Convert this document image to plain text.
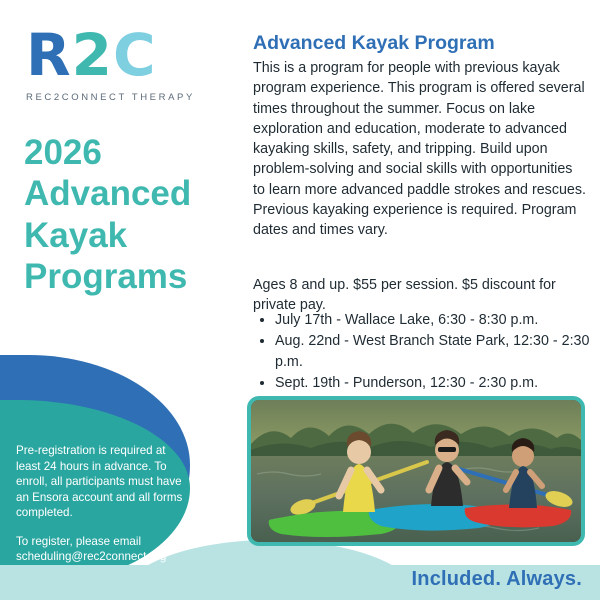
R2C
REC2CONNECT THERAPY
2026 Advanced Kayak Programs
Advanced Kayak Program
This is a program for people with previous kayak program experience. This program is offered several times throughout the summer. Focus on lake exploration and education, moderate to advanced kayaking skills, safety, and tripping. Build upon problem-solving and social skills with opportunities to learn more advanced paddle strokes and rescues. Previous kayaking experience is required. Program dates and times vary.
Ages 8 and up. $55 per session. $5 discount for private pay.
• July 17th - Wallace Lake, 6:30 - 8:30 p.m.
• Aug. 22nd - West Branch State Park, 12:30 - 2:30 p.m.
• Sept. 19th - Punderson, 12:30 - 2:30 p.m.
Pre-registration is required at least 24 hours in advance. To enroll, all participants must have an Ensora account and all forms completed.
To register, please email scheduling@rec2connect.org
Included. Always.
